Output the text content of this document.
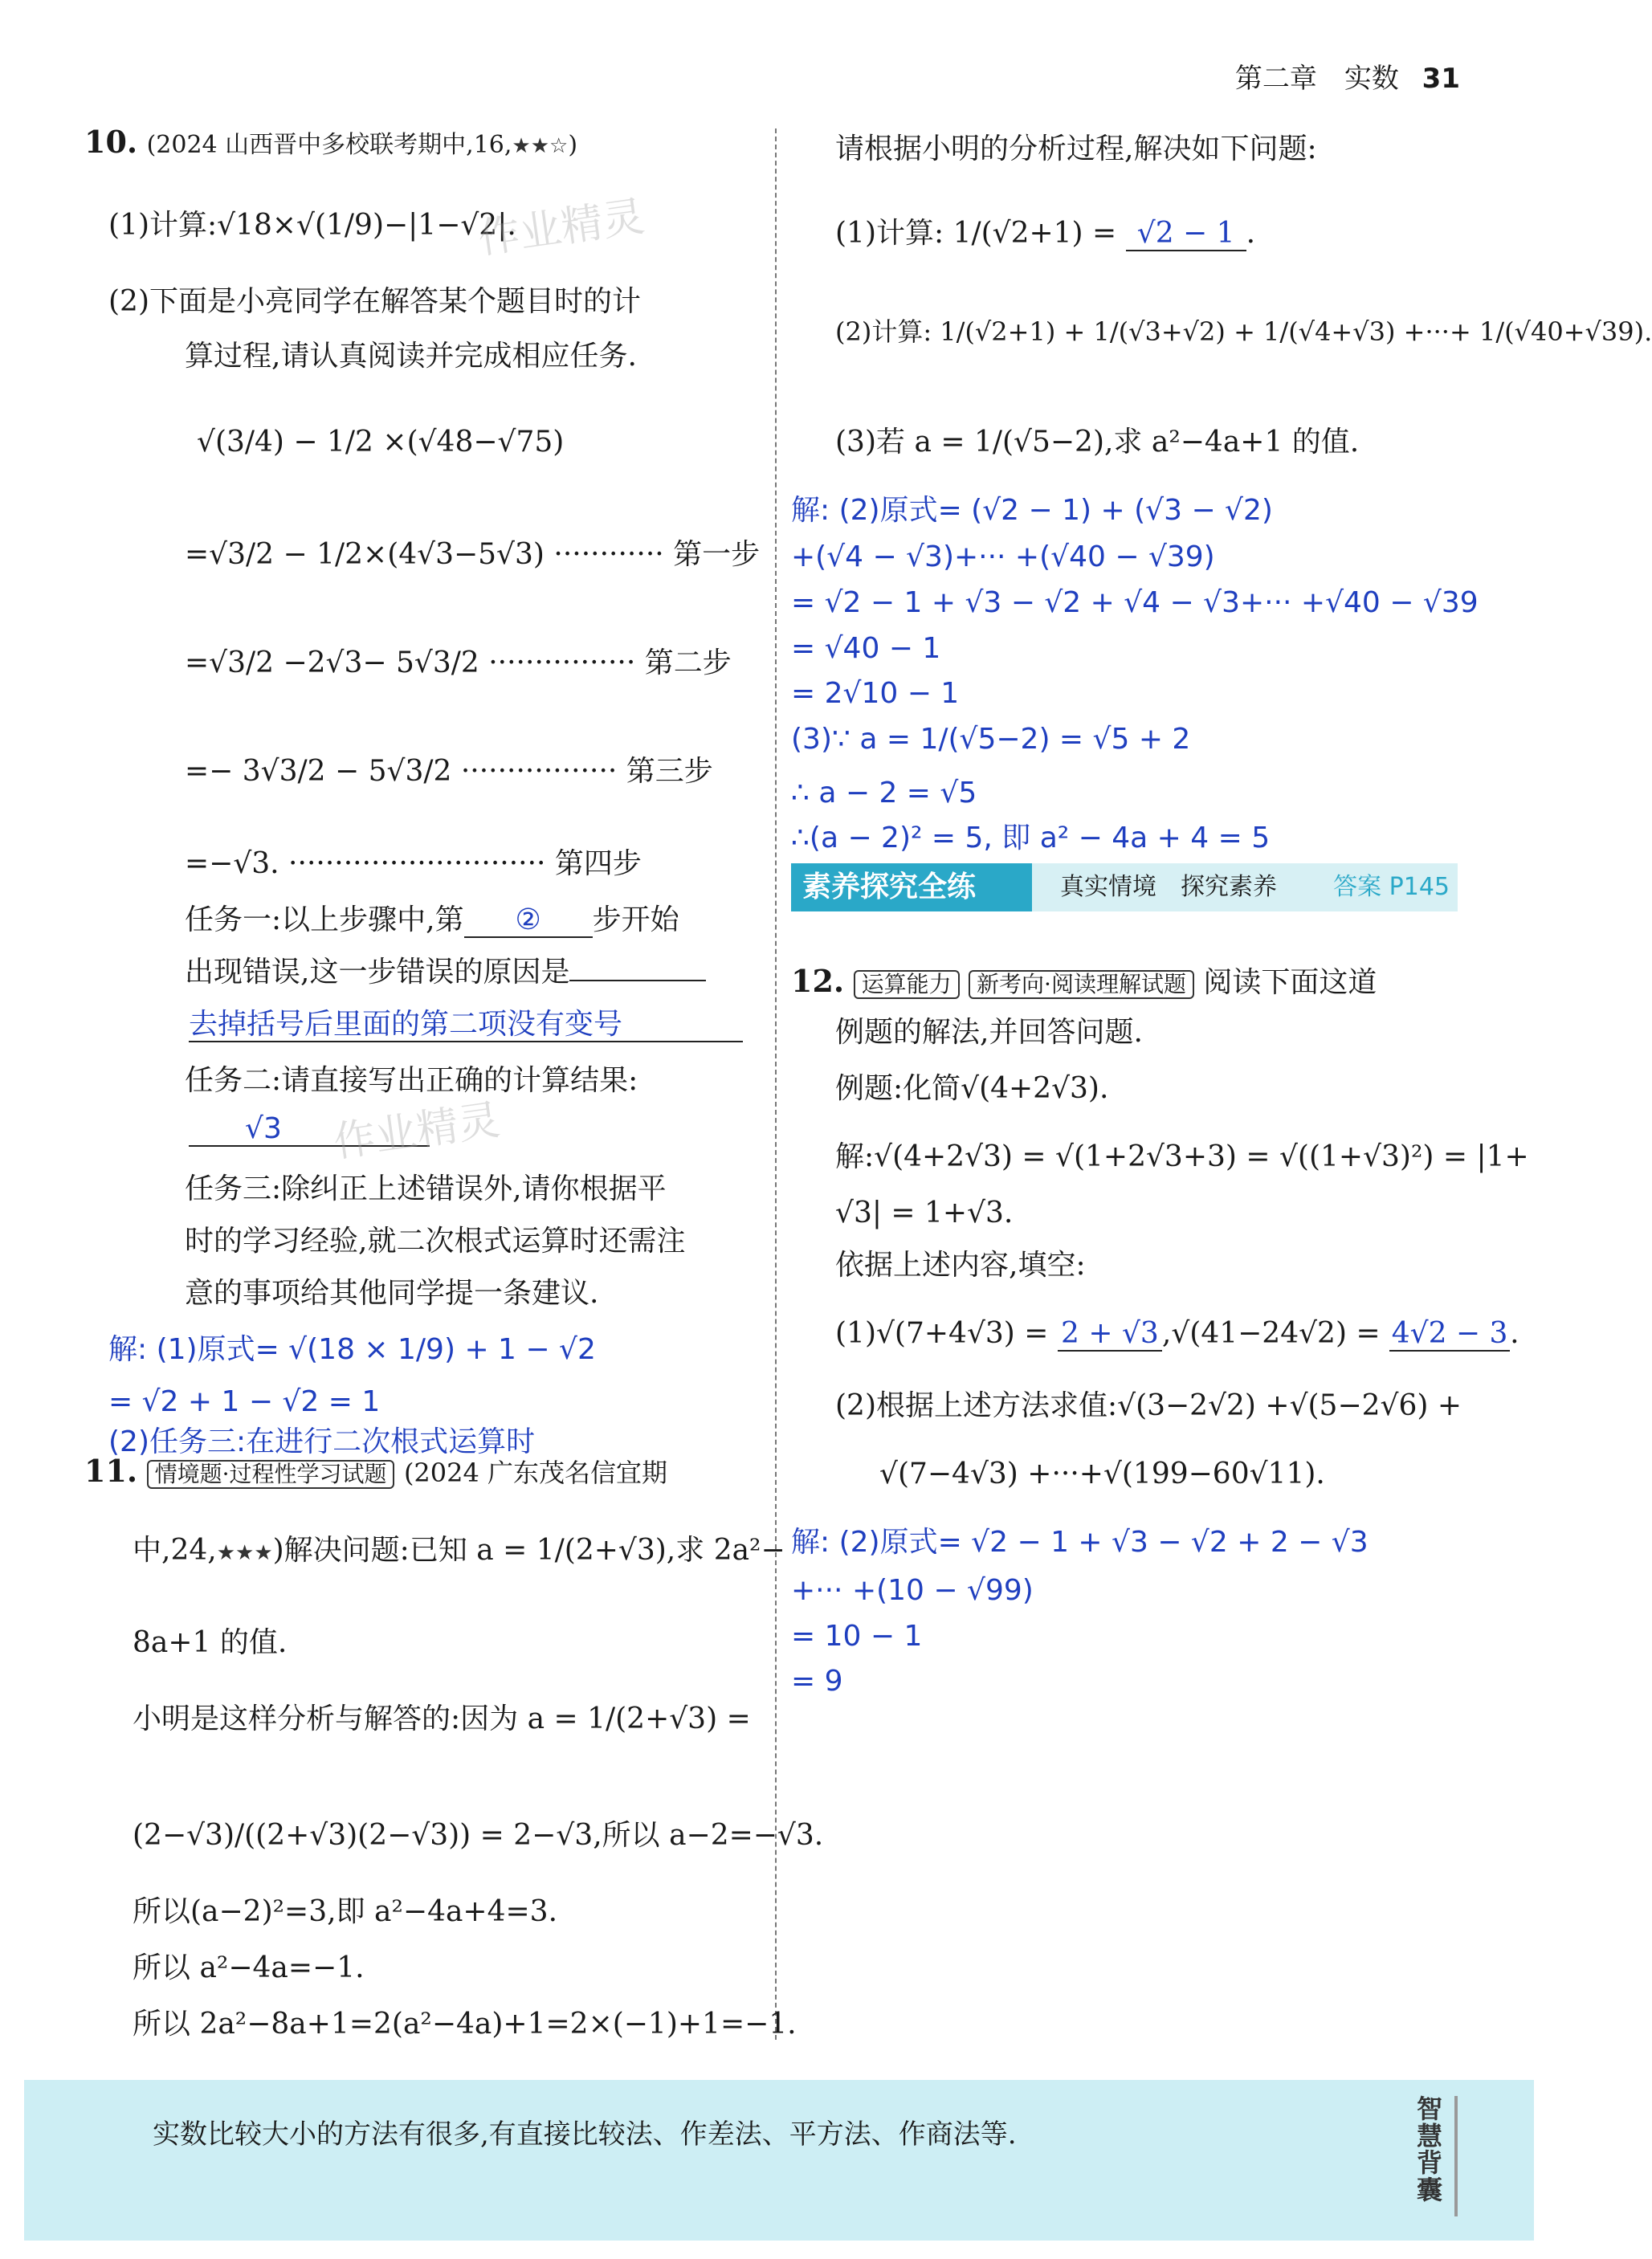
第二章　实数 31
10. (2024 山西晋中多校联考期中,16,★★☆)
(1)计算:√18×√(1/9)−|1−√2|.
(2)下面是小亮同学在解答某个题目时的计
算过程,请认真阅读并完成相应任务.
√(3/4) − 1/2 ×(√48−√75)
=√3/2 − 1/2×(4√3−5√3) ············ 第一步
=√3/2 −2√3− 5√3/2 ················ 第二步
=− 3√3/2 − 5√3/2 ················· 第三步
=−√3. ···························· 第四步
任务一:以上步骤中,第 ② 步开始
出现错误,这一步错误的原因是
去掉括号后里面的第二项没有变号
任务二:请直接写出正确的计算结果:
√3
任务三:除纠正上述错误外,请你根据平
时的学习经验,就二次根式运算时还需注
意的事项给其他同学提一条建议.
解: (1)原式= √(18 × 1/9) + 1 − √2
= √2 + 1 − √2 = 1
(2)任务三:在进行二次根式运算时
11. 情境题·过程性学习试题 (2024 广东茂名信宜期
中,24,★★★)解决问题:已知 a = 1/(2+√3),求 2a²−
8a+1 的值.
小明是这样分析与解答的:因为 a = 1/(2+√3) =
(2−√3)/((2+√3)(2−√3)) = 2−√3,所以 a−2=−√3.
所以(a−2)²=3,即 a²−4a+4=3.
所以 a²−4a=−1.
所以 2a²−8a+1=2(a²−4a)+1=2×(−1)+1=−1.
作业精灵
作业精灵
请根据小明的分析过程,解决如下问题:
(1)计算: 1/(√2+1) = √2 − 1 .
(2)计算: 1/(√2+1) + 1/(√3+√2) + 1/(√4+√3) +···+ 1/(√40+√39).
(3)若 a = 1/(√5−2),求 a²−4a+1 的值.
解: (2)原式= (√2 − 1) + (√3 − √2)
+(√4 − √3)+··· +(√40 − √39)
= √2 − 1 + √3 − √2 + √4 − √3+··· +√40 − √39
= √40 − 1
= 2√10 − 1
(3)∵ a = 1/(√5−2) = √5 + 2
∴ a − 2 = √5
∴(a − 2)² = 5, 即 a² − 4a + 4 = 5
12. 运算能力 新考向·阅读理解试题 阅读下面这道
例题的解法,并回答问题.
例题:化简√(4+2√3).
解:√(4+2√3) = √(1+2√3+3) = √((1+√3)²) = |1+
√3| = 1+√3.
依据上述内容,填空:
(1)√(7+4√3) = 2 + √3 ,√(41−24√2) = 4√2 − 3.
(2)根据上述方法求值:√(3−2√2) +√(5−2√6) +
√(7−4√3) +···+√(199−60√11).
解: (2)原式= √2 − 1 + √3 − √2 + 2 − √3
+··· +(10 − √99)
= 10 − 1
= 9
素养探究全练	真实情境　探究素养 答案 P145
实数比较大小的方法有很多,有直接比较法、作差法、平方法、作商法等.
智慧背囊
